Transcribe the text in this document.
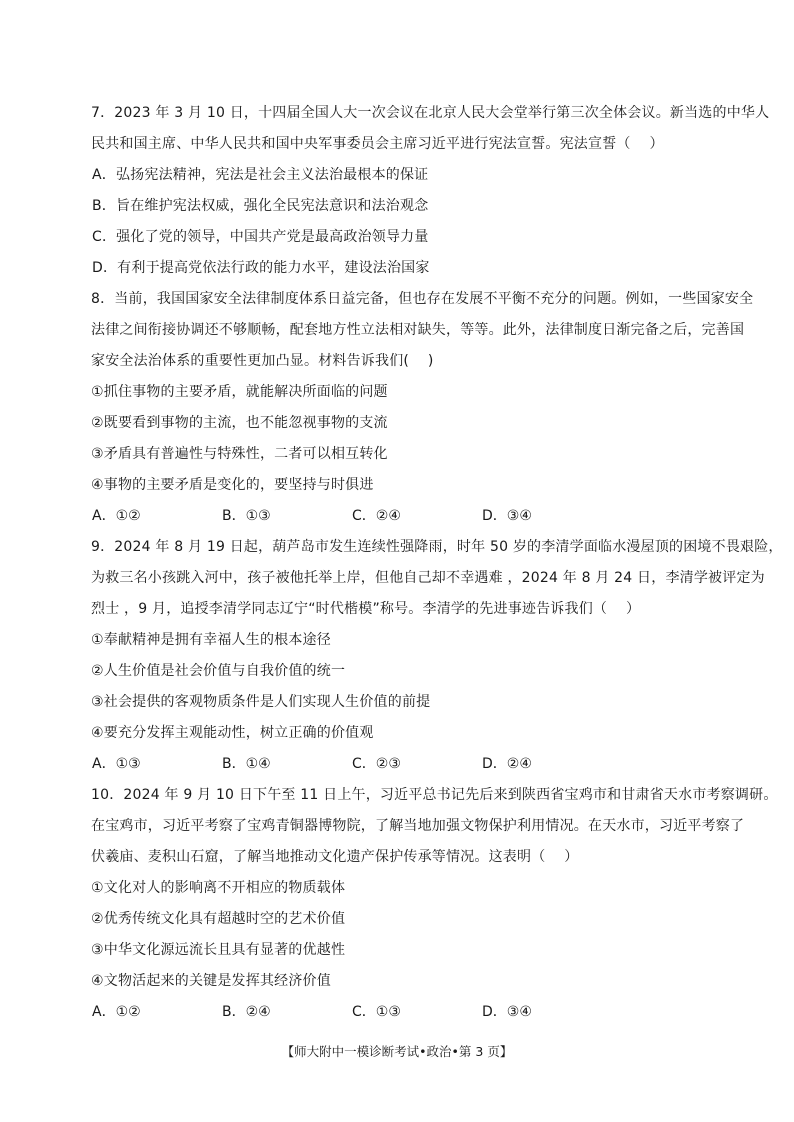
7．2023 年 3 月 10 日，十四届全国人大一次会议在北京人民大会堂举行第三次全体会议。新当选的中华人
民共和国主席、中华人民共和国中央军事委员会主席习近平进行宪法宣誓。宪法宣誓（　 ）
A．弘扬宪法精神，宪法是社会主义法治最根本的保证
B．旨在维护宪法权威，强化全民宪法意识和法治观念
C．强化了党的领导，中国共产党是最高政治领导力量
D．有利于提高党依法行政的能力水平，建设法治国家
8．当前，我国国家安全法律制度体系日益完备，但也存在发展不平衡不充分的问题。例如，一些国家安全
法律之间衔接协调还不够顺畅，配套地方性立法相对缺失，等等。此外，法律制度日渐完备之后，完善国
家安全法治体系的重要性更加凸显。材料告诉我们(　 )
①抓住事物的主要矛盾，就能解决所面临的问题
②既要看到事物的主流，也不能忽视事物的支流
③矛盾具有普遍性与特殊性，二者可以相互转化
④事物的主要矛盾是变化的，要坚持与时俱进
A．①②	B．①③	C．②④	D．③④
9．2024 年 8 月 19 日起，葫芦岛市发生连续性强降雨，时年 50 岁的李清学面临水漫屋顶的困境不畏艰险，
为救三名小孩跳入河中，孩子被他托举上岸，但他自己却不幸遇难 ，2024 年 8 月 24 日，李清学被评定为
烈士 ，9 月，追授李清学同志辽宁“时代楷模”称号。李清学的先进事迹告诉我们（　 ）
①奉献精神是拥有幸福人生的根本途径
②人生价值是社会价值与自我价值的统一
③社会提供的客观物质条件是人们实现人生价值的前提
④要充分发挥主观能动性，树立正确的价值观
A．①③	B．①④	C．②③	D．②④
10．2024 年 9 月 10 日下午至 11 日上午，习近平总书记先后来到陕西省宝鸡市和甘肃省天水市考察调研。
在宝鸡市，习近平考察了宝鸡青铜器博物院，了解当地加强文物保护利用情况。在天水市，习近平考察了
伏羲庙、麦积山石窟，了解当地推动文化遗产保护传承等情况。这表明（　 ）
①文化对人的影响离不开相应的物质载体
②优秀传统文化具有超越时空的艺术价值
③中华文化源远流长且具有显著的优越性
④文物活起来的关键是发挥其经济价值
A．①②	B．②④	C．①③	D．③④
【师大附中一模诊断考试•政治•第 3 页】
